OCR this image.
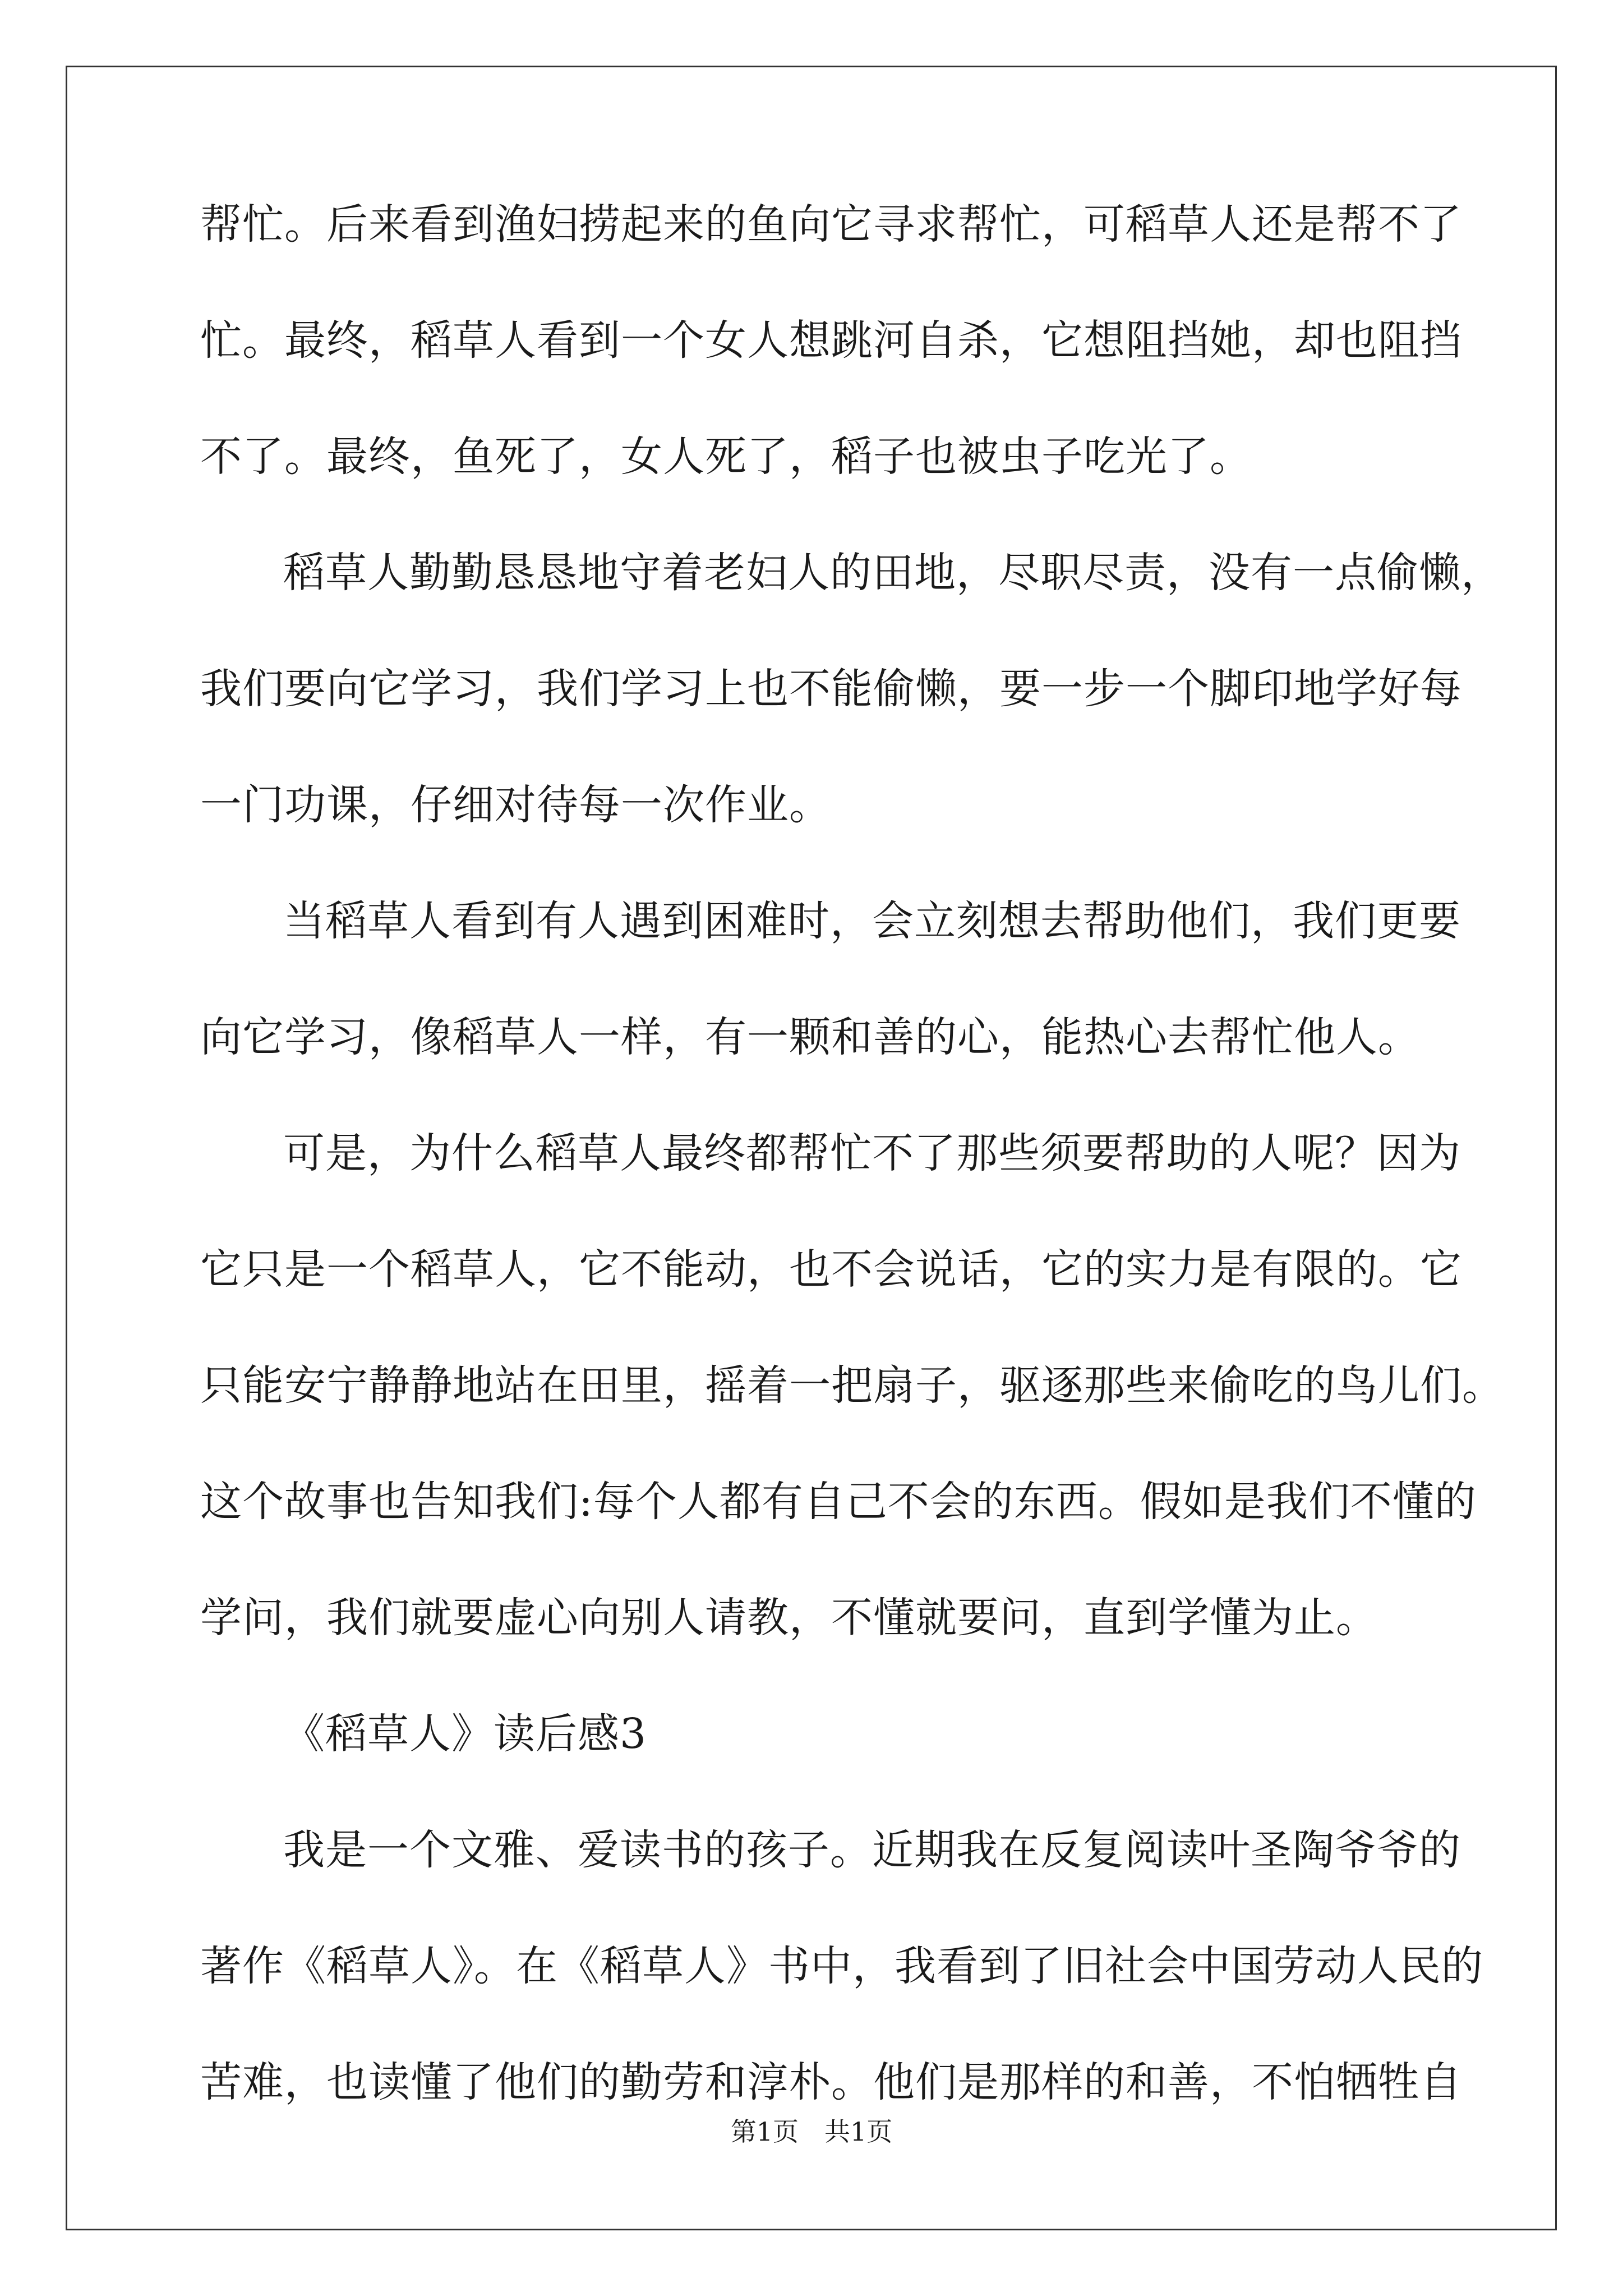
帮忙。后来看到渔妇捞起来的鱼向它寻求帮忙，可稻草人还是帮不了
忙。最终，稻草人看到一个女人想跳河自杀，它想阻挡她，却也阻挡
不了。最终，鱼死了，女人死了，稻子也被虫子吃光了。
稻草人勤勤恳恳地守着老妇人的田地，尽职尽责，没有一点偷懒，
我们要向它学习，我们学习上也不能偷懒，要一步一个脚印地学好每
一门功课，仔细对待每一次作业。
当稻草人看到有人遇到困难时，会立刻想去帮助他们，我们更要
向它学习，像稻草人一样，有一颗和善的心，能热心去帮忙他人。
可是，为什么稻草人最终都帮忙不了那些须要帮助的人呢？因为
它只是一个稻草人，它不能动，也不会说话，它的实力是有限的。它
只能安宁静静地站在田里，摇着一把扇子，驱逐那些来偷吃的鸟儿们。
这个故事也告知我们:每个人都有自己不会的东西。假如是我们不懂的
学问，我们就要虚心向别人请教，不懂就要问，直到学懂为止。
《稻草人》读后感3
我是一个文雅、爱读书的孩子。近期我在反复阅读叶圣陶爷爷的
著作《稻草人》。在《稻草人》书中，我看到了旧社会中国劳动人民的
苦难，也读懂了他们的勤劳和淳朴。他们是那样的和善，不怕牺牲自
第1页　共1页
